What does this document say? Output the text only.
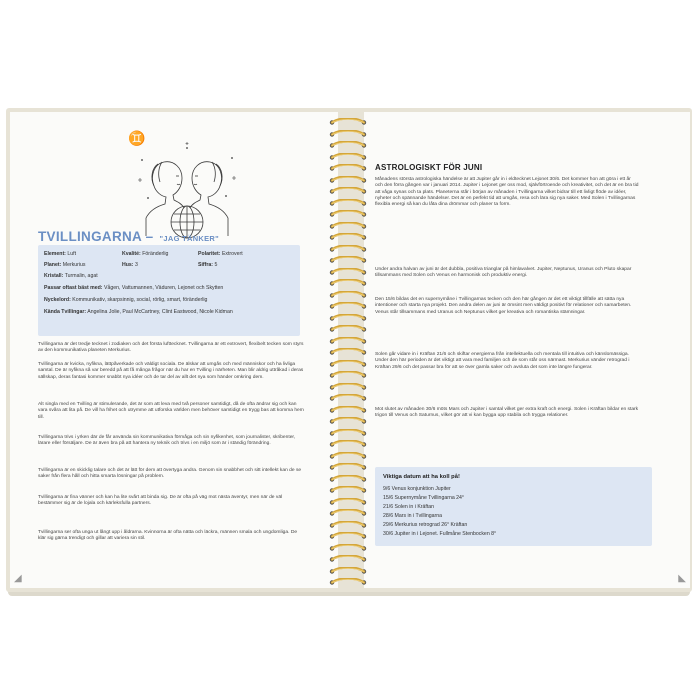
◢
♊
TVILLINGARNA – "JAG TÄNKER"
Element: Luft	Kvalité: Föränderlig	Polaritet: Extrovert
Planet: Merkurius	Hus: 3	Siffra: 5
Kristall: Turmalin, agat
Passar oftast bäst med: Vågen, Vattumannen, Väduren, Lejonet och Skytten
Nyckelord: Kommunikativ, skarpsinnig, social, rörlig, smart, föränderlig
Kända Tvillingar: Angelina Jolie, Paul McCartney, Clint Eastwood, Nicole Kidman
Tvillingarna är det tredje tecknet i zodiaken och det första lufttecknet. Tvillingarna är ett extrovert, flexibelt tecken som styrs av den kommunikativa planeten Merkurius.
Tvillingarna är kvicka, nyfikna, lättpåverkade och väldigt sociala. De älskar att umgås och med människor och ha livliga samtal. De är nyfikna så var beredd på att få många frågor när du har en Tvilling i närheten. Man blir aldrig uttråkad i deras sällskap, deras fantasi kommer snabbt nya idéer och de tar del av allt det nya som händer omkring dem.
Alt singla med en Tvilling är stimulerande, det är som att leva med två personer samtidigt, då de ofta ändrar sig och kan vara svåra att lita på. De vill ha frihet och utrymme att utforska världen men behöver samtidigt en trygg bas att komma hem till.
Tvillingarna trivs i yrken där de får använda sin kommunikativa förmåga och sin nyfikenhet, som journalister, skribenter, lärare eller försäljare. De är även bra på att hantera ny teknik och trivs i en miljö som är i ständig förändring.
Tvillingarna är en skicklig talare och det är lätt för dem att övertyga andra. Genom sin snabbhet och sitt intellekt kan de se saker från flera håll och hitta smarta lösningar på problem.
Tvillingarna är fina vänner och kan ha lite svårt att binda sig. De är ofta på väg mot nästa äventyr, men när de väl bestämmer sig är de lojala och kärleksfulla partners.
Tvillingarna ser ofta unga ut långt upp i åldrarna. Kvinnorna är ofta nätta och läckra, männen smala och ungdomliga. De klär sig gärna trendigt och gillar att variera sin stil.
◣
ASTROLOGISKT FÖR JUNI
Månadens största astrologiska händelse är att Jupiter går in i eldtecknet Lejonet 30/6. Det kommer hon att göra i ett år och den förra gången var i januari 2014. Jupiter i Lejonet ger oss mod, självförtroende och kreativitet, och det är en bra tid att våga synas och ta plats. Planeterna står i början av månaden i Tvillingarna vilket bidrar till ett livligt flöde av idéer, nyheter och spännande händelser. Det är en perfekt tid att umgås, resa och lära sig nya saker. Med Solen i Tvillingarnas flexibla energi så kan du låta dina drömmar och planer ta form.
Under andra halvan av juni är det dubbla, positiva trianglar på himlavalvet. Jupiter, Neptunus, Uranus och Pluto skapar tillsammans med Solen och Venus en harmonisk och produktiv energi.
Den 15/6 bildas det en supernymåne i Tvillingarnas tecken och den här gången är det ett viktigt tillfälle att sätta nya intentioner och starta nya projekt. Den andra delen av juni är ömsint men väldigt positivt för relationer och samarbeten. Venus står tillsammans med Uranus och Neptunus vilket ger kreativa och romantiska stämningar.
Solen går vidare in i Kräftan 21/6 och skiftar energierna från intellektuella och mentala till intuitiva och känslomässiga. Under den här perioden är det viktigt att vara med familjen och de som står oss närmast. Merkurius vänder retrograd i Kräftan 29/6 och det passar bra för att se över gamla saker och avsluta det som inte längre fungerar.
Mot slutet av månaden 30/6 möts Mars och Jupiter i samtal vilket ger extra kraft och energi. Solen i Kräftan bildar en stark trigon till Venus och Saturnus, vilket gör att vi kan bygga upp stabila och trygga relationer.
Viktiga datum att ha koll på!
9/6 Venus konjunktion Jupiter
15/6 Supernymåne Tvillingarna 24°
21/6 Solen in i Kräftan
28/6 Mars in i Tvillingarna
29/6 Merkurius retrograd 26° Kräftan
30/6 Jupiter in i Lejonet. Fullmåne Stenbocken 8°
